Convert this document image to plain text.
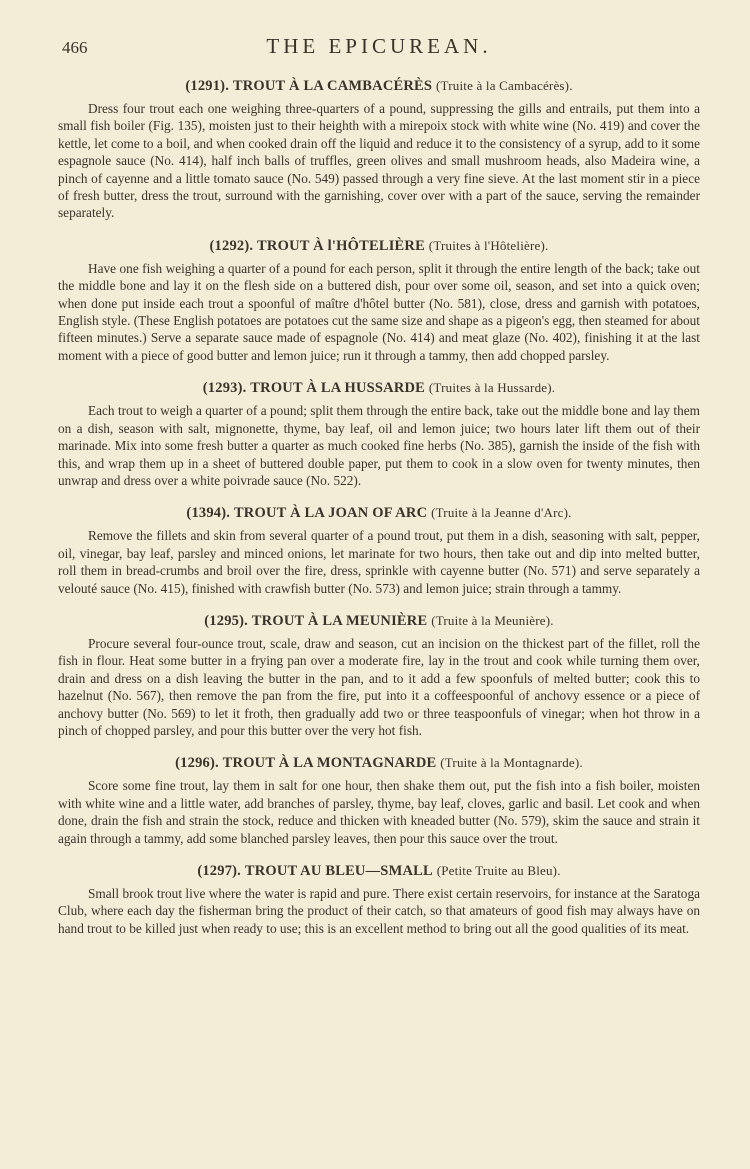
466	THE EPICUREAN.
(1291). TROUT À LA CAMBACÉRÈS (Truite à la Cambacérès).

Dress four trout each one weighing three-quarters of a pound, suppressing the gills and entrails, put them into a small fish boiler (Fig. 135), moisten just to their heighth with a mirepoix stock with white wine (No. 419) and cover the kettle, let come to a boil, and when cooked drain off the liquid and reduce it to the consistency of a syrup, add to it some espagnole sauce (No. 414), half inch balls of truffles, green olives and small mushroom heads, also Madeira wine, a pinch of cayenne and a little tomato sauce (No. 549) passed through a very fine sieve. At the last moment stir in a piece of fresh butter, dress the trout, surround with the garnishing, cover over with a part of the sauce, serving the remainder separately.

(1292). TROUT À l'HÔTELIÈRE (Truites à l'Hôtelière).

Have one fish weighing a quarter of a pound for each person, split it through the entire length of the back; take out the middle bone and lay it on the flesh side on a buttered dish, pour over some oil, season, and set into a quick oven; when done put inside each trout a spoonful of maître d'hôtel butter (No. 581), close, dress and garnish with potatoes, English style. (These English potatoes are potatoes cut the same size and shape as a pigeon's egg, then steamed for about fifteen minutes.) Serve a separate sauce made of espagnole (No. 414) and meat glaze (No. 402), finishing it at the last moment with a piece of good butter and lemon juice; run it through a tammy, then add chopped parsley.

(1293). TROUT À LA HUSSARDE (Truites à la Hussarde).

Each trout to weigh a quarter of a pound; split them through the entire back, take out the middle bone and lay them on a dish, season with salt, mignonette, thyme, bay leaf, oil and lemon juice; two hours later lift them out of their marinade. Mix into some fresh butter a quarter as much cooked fine herbs (No. 385), garnish the inside of the fish with this, and wrap them up in a sheet of buttered double paper, put them to cook in a slow oven for twenty minutes, then unwrap and dress over a white poivrade sauce (No. 522).

(1394). TROUT À LA JOAN OF ARC (Truite à la Jeanne d'Arc).

Remove the fillets and skin from several quarter of a pound trout, put them in a dish, seasoning with salt, pepper, oil, vinegar, bay leaf, parsley and minced onions, let marinate for two hours, then take out and dip into melted butter, roll them in bread-crumbs and broil over the fire, dress, sprinkle with cayenne butter (No. 571) and serve separately a velouté sauce (No. 415), finished with crawfish butter (No. 573) and lemon juice; strain through a tammy.

(1295). TROUT À LA MEUNIÈRE (Truite à la Meunière).

Procure several four-ounce trout, scale, draw and season, cut an incision on the thickest part of the fillet, roll the fish in flour. Heat some butter in a frying pan over a moderate fire, lay in the trout and cook while turning them over, drain and dress on a dish leaving the butter in the pan, and to it add a few spoonfuls of melted butter; cook this to hazelnut (No. 567), then remove the pan from the fire, put into it a coffeespoonful of anchovy essence or a piece of anchovy butter (No. 569) to let it froth, then gradually add two or three teaspoonfuls of vinegar; when hot throw in a pinch of chopped parsley, and pour this butter over the very hot fish.

(1296). TROUT À LA MONTAGNARDE (Truite à la Montagnarde).

Score some fine trout, lay them in salt for one hour, then shake them out, put the fish into a fish boiler, moisten with white wine and a little water, add branches of parsley, thyme, bay leaf, cloves, garlic and basil. Let cook and when done, drain the fish and strain the stock, reduce and thicken with kneaded butter (No. 579), skim the sauce and strain it again through a tammy, add some blanched parsley leaves, then pour this sauce over the trout.

(1297). TROUT AU BLEU—SMALL (Petite Truite au Bleu).

Small brook trout live where the water is rapid and pure. There exist certain reservoirs, for instance at the Saratoga Club, where each day the fisherman bring the product of their catch, so that amateurs of good fish may always have on hand trout to be killed just when ready to use; this is an excellent method to bring out all the good qualities of its meat.
